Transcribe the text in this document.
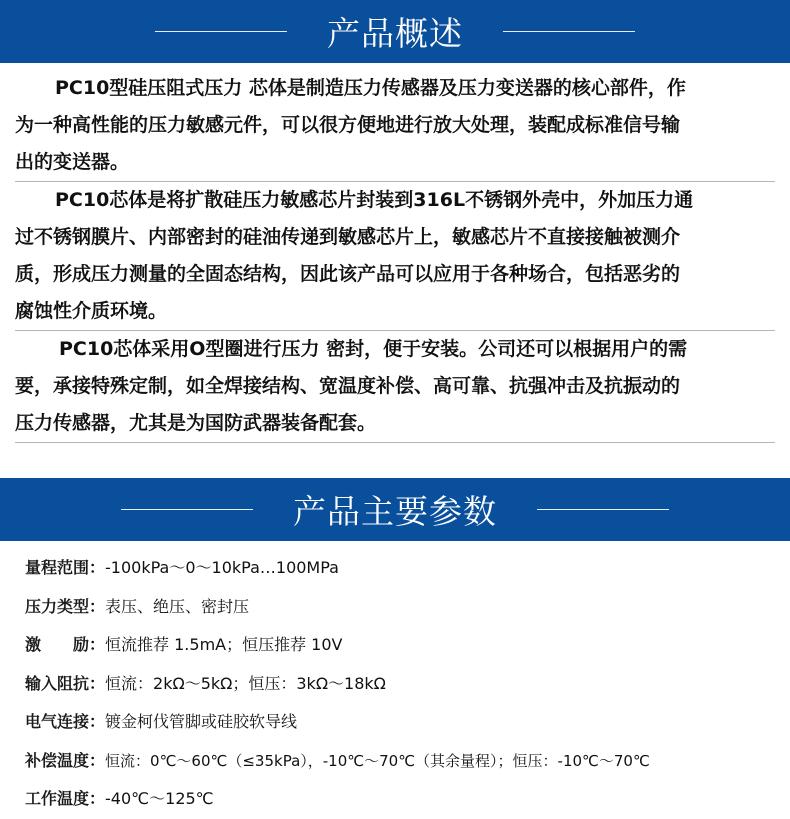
产品概述
PC10型硅压阻式压力 芯体是制造压力传感器及压力变送器的核心部件，作
为一种高性能的压力敏感元件，可以很方便地进行放大处理，装配成标准信号输
出的变送器。
PC10芯体是将扩散硅压力敏感芯片封装到316L不锈钢外壳中，外加压力通
过不锈钢膜片、内部密封的硅油传递到敏感芯片上，敏感芯片不直接接触被测介
质，形成压力测量的全固态结构，因此该产品可以应用于各种场合，包括恶劣的
腐蚀性介质环境。
PC10芯体采用O型圈进行压力 密封，便于安装。公司还可以根据用户的需
要，承接特殊定制，如全焊接结构、宽温度补偿、高可靠、抗强冲击及抗振动的
压力传感器，尤其是为国防武器装备配套。
产品主要参数
量程范围 ： -100kPa～0～10kPa…100MPa
压力类型 ： 表压、绝压、密封压
激　　励 ： 恒流推荐 1.5mA；恒压推荐 10V
输入阻抗 ： 恒流：2kΩ～5kΩ；恒压：3kΩ～18kΩ
电气连接 ： 镀金柯伐管脚或硅胶软导线
补偿温度 ： 恒流：0℃～60℃（≤35kPa），-10℃～70℃（其余量程）；恒压：-10℃～70℃
工作温度 ： -40℃～125℃
